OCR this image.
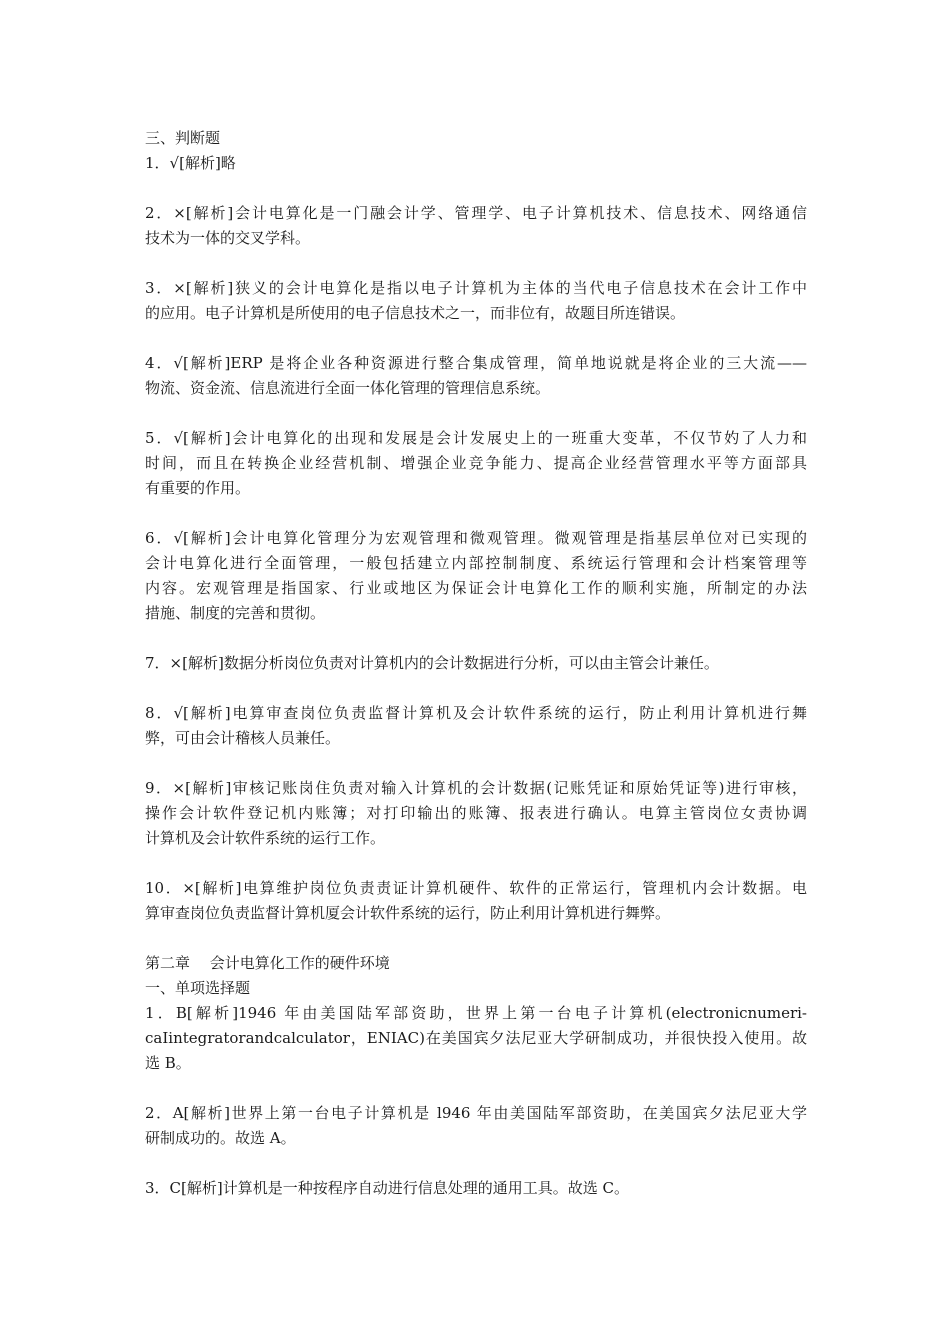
三、判断题
1．√[解析]略
2．×[解析]会计电算化是一门融会计学、管理学、电子计算机技术、信息技术、网络通信
技术为一体的交叉学科。
3．×[解析]狭义的会计电算化是指以电子计算机为主体的当代电子信息技术在会计工作中
的应用。电子计算机是所使用的电子信息技术之一，而非位有，故题目所连错误。
4．√[解析]ERP 是将企业各种资源进行整合集成管理，简单地说就是将企业的三大流——
物流、资金流、信息流进行全面一体化管理的管理信息系统。
5．√[解析]会计电算化的出现和发展是会计发展史上的一班重大变革，不仅节妁了人力和
时间，而且在转换企业经营机制、增强企业竞争能力、提高企业经营管理水平等方面部具
有重要的作用。
6．√[解析]会计电算化管理分为宏观管理和微观管理。微观管理是指基层单位对已实现的
会计电算化进行全面管理，一般包括建立内部控制制度、系统运行管理和会计档案管理等
内容。宏观管理是指国家、行业或地区为保证会计电算化工作的顺利实施，所制定的办法
措施、制度的完善和贯彻。
7．×[解析]数据分析岗位负责对计算机内的会计数据进行分析，可以由主管会计兼任。
8．√[解析]电算审查岗位负责监督计算机及会计软件系统的运行，防止利用计算机进行舞
弊，可由会计稽核人员兼任。
9．×[解析]审核记账岗住负责对输入计算机的会计数据(记账凭证和原始凭证等)进行审核，
操作会计软件登记机内账簿；对打印输出的账簿、报表进行确认。电算主管岗位女责协调
计算机及会计软件系统的运行工作。
10．×[解析]电算维护岗位负责责证计算机硬件、软件的正常运行，管理机内会计数据。电
算审查岗位负责监督计算机厦会计软件系统的运行，防止利用计算机进行舞弊。
第二章　 会计电算化工作的硬件环境
一、单项选择题
1．B[解析]1946 年由美国陆军部资助，世界上第一台电子计算机(electronicnumeri-
caIintegratorandcalculator，ENIAC)在美国宾夕法尼亚大学研制成功，并很快投入使用。故
选 B。
2．A[解析]世界上第一台电子计算机是 l946 年由美国陆军部资助，在美国宾夕法尼亚大学
研制成功的。故选 A。
3．C[解析]计算机是一种按程序自动进行信息处理的通用工具。故选 C。
